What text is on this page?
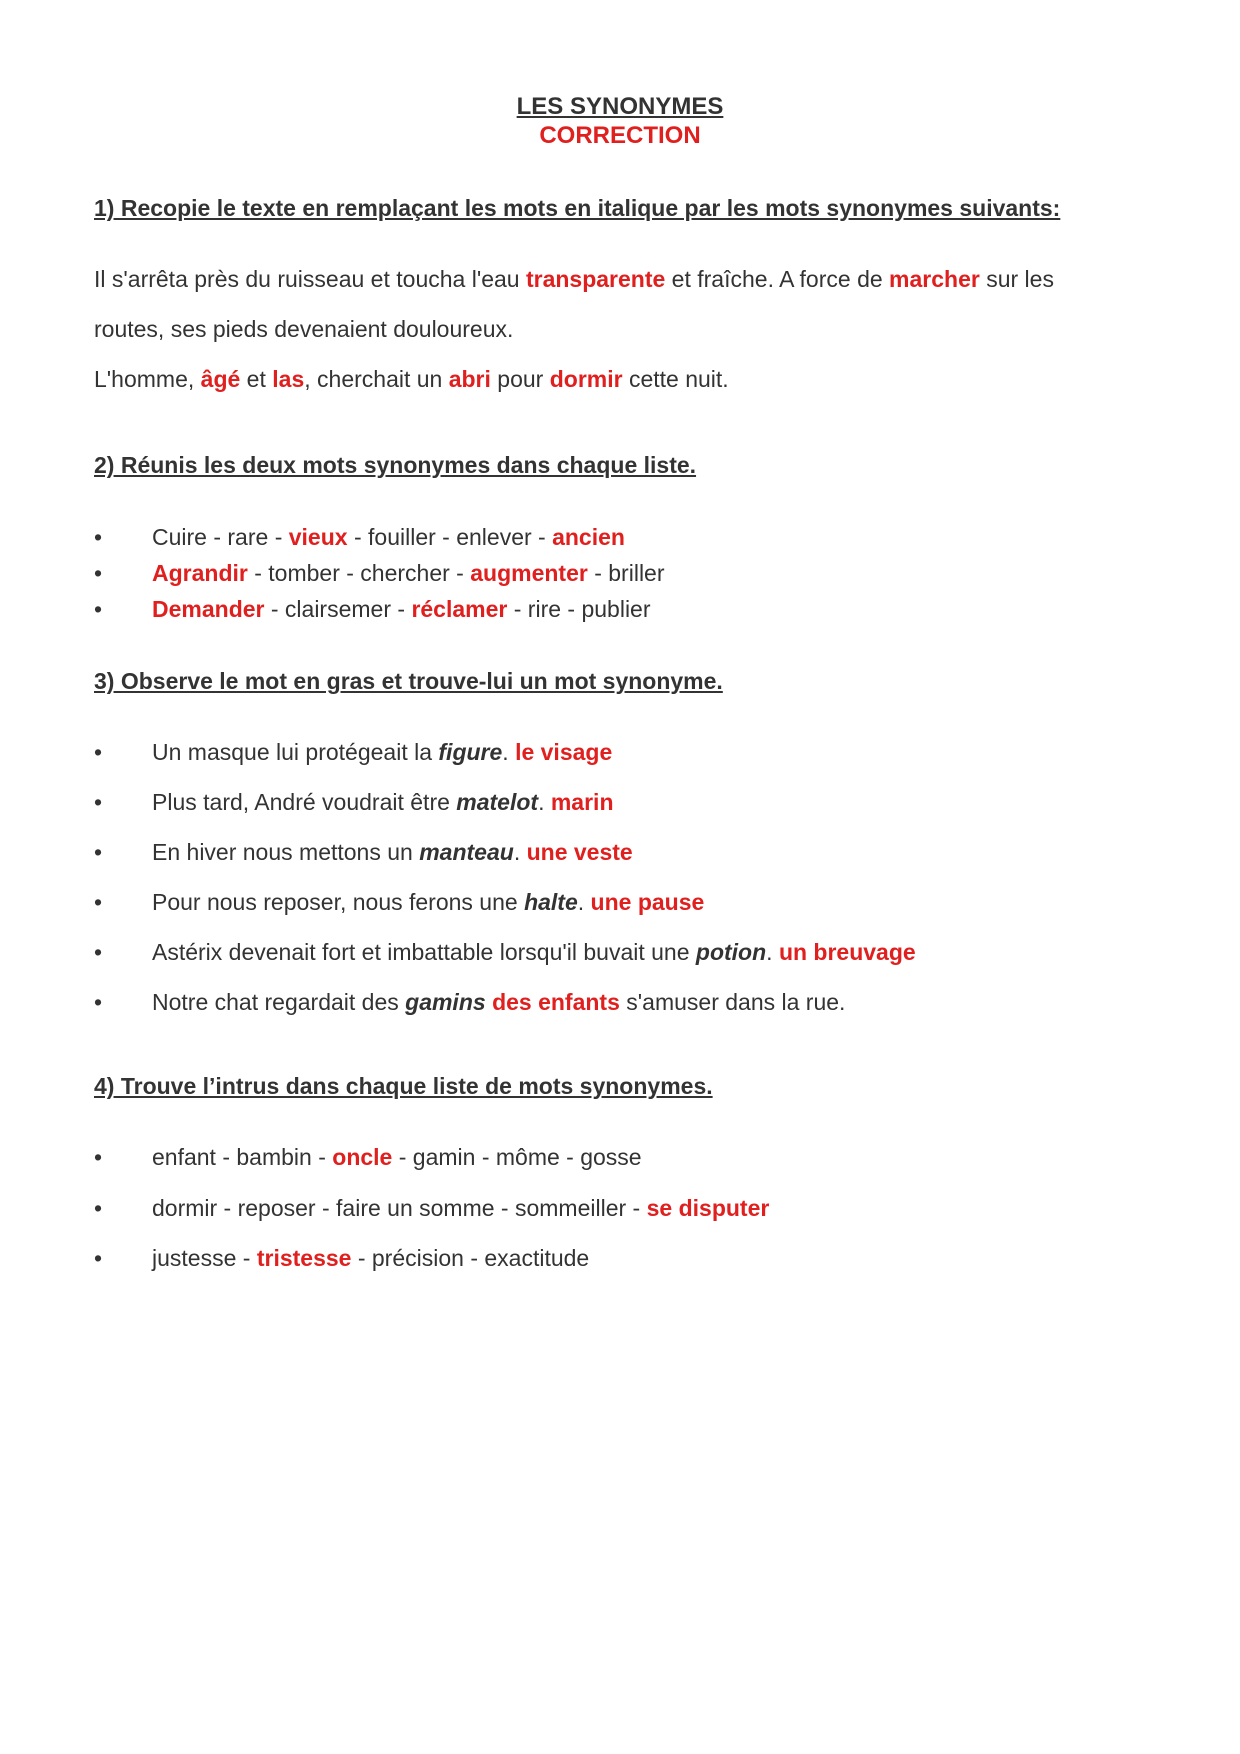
LES SYNONYMES
CORRECTION
1) Recopie le texte en remplaçant les mots en italique par les mots synonymes suivants:
Il s'arrêta près du ruisseau et toucha l'eau transparente et fraîche. A force de marcher sur les
routes, ses pieds devenaient douloureux.
L'homme, âgé et las, cherchait un abri pour dormir cette nuit.
2) Réunis les deux mots synonymes dans chaque liste.
• Cuire - rare - vieux - fouiller - enlever - ancien
• Agrandir - tomber - chercher - augmenter - briller
• Demander - clairsemer - réclamer - rire - publier
3) Observe le mot en gras et trouve-lui un mot synonyme.
• Un masque lui protégeait la figure. le visage
• Plus tard, André voudrait être matelot. marin
• En hiver nous mettons un manteau. une veste
• Pour nous reposer, nous ferons une halte. une pause
• Astérix devenait fort et imbattable lorsqu'il buvait une potion. un breuvage
• Notre chat regardait des gamins des enfants s'amuser dans la rue.
4) Trouve l’intrus dans chaque liste de mots synonymes.
• enfant - bambin - oncle - gamin - môme - gosse
• dormir - reposer - faire un somme - sommeiller - se disputer
• justesse - tristesse - précision - exactitude
